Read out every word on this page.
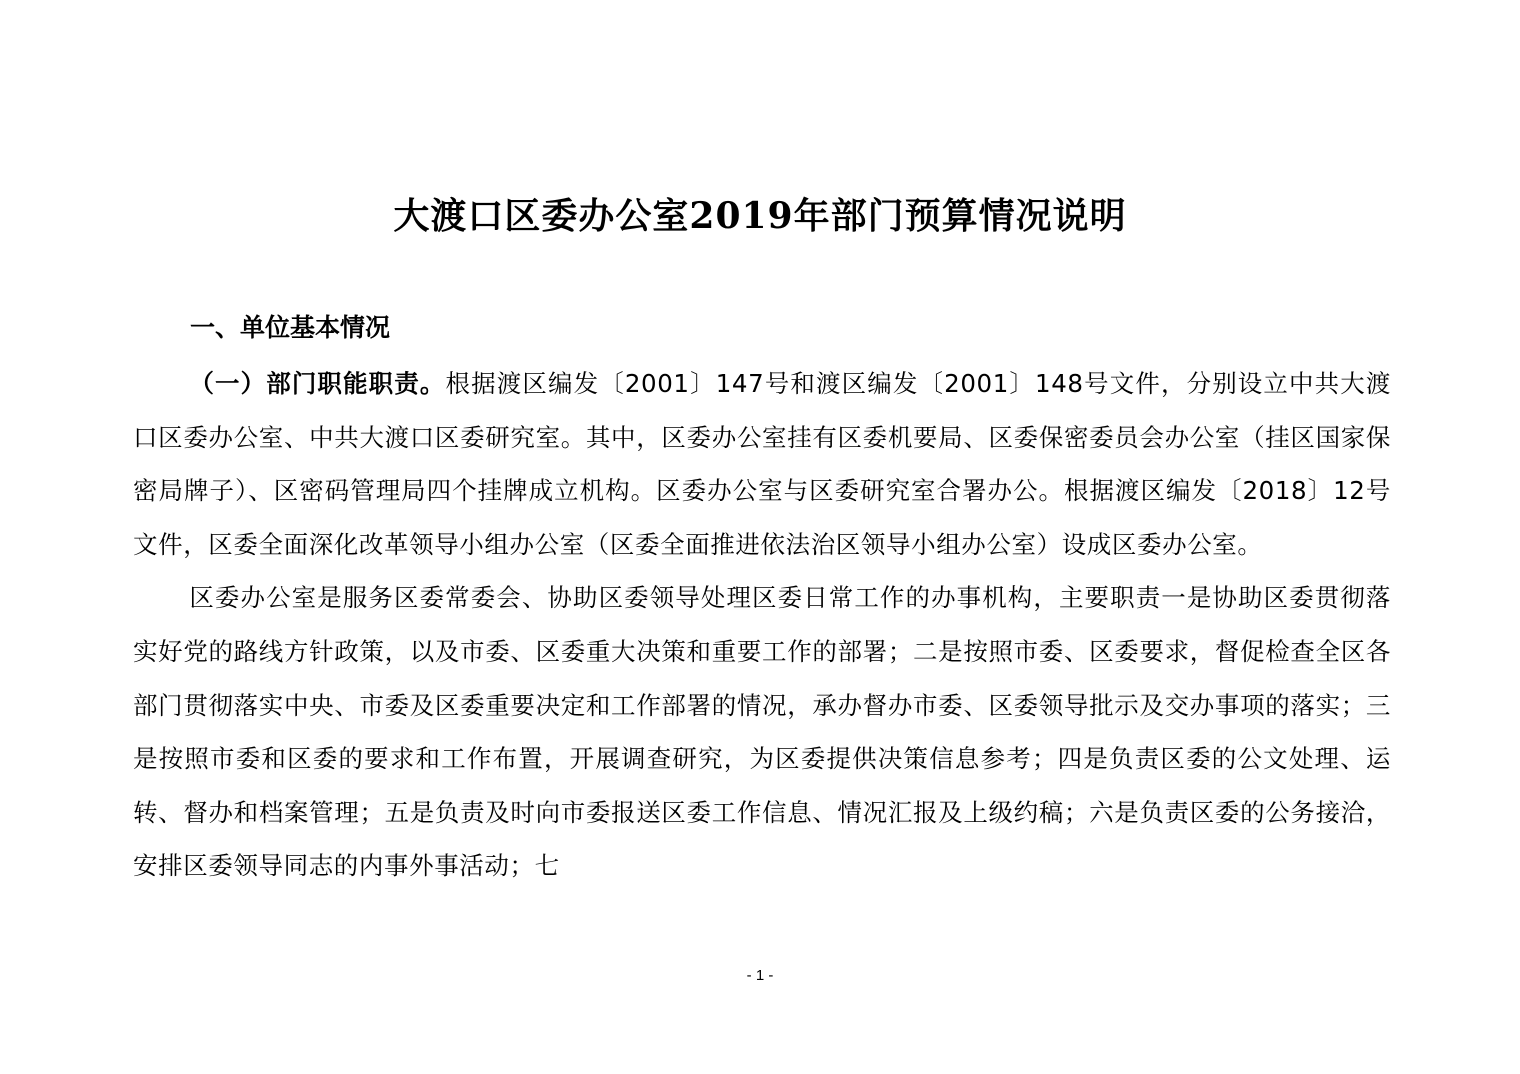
大渡口区委办公室2019年部门预算情况说明
一、单位基本情况

（一）部门职能职责。根据渡区编发〔2001〕147号和渡区编发〔2001〕148号文件，分别设立中共大渡口区委办公室、中共大渡口区委研究室。其中，区委办公室挂有区委机要局、区委保密委员会办公室（挂区国家保密局牌子）、区密码管理局四个挂牌成立机构。区委办公室与区委研究室合署办公。根据渡区编发〔2018〕12号文件，区委全面深化改革领导小组办公室（区委全面推进依法治区领导小组办公室）设成区委办公室。

区委办公室是服务区委常委会、协助区委领导处理区委日常工作的办事机构，主要职责一是协助区委贯彻落实好党的路线方针政策，以及市委、区委重大决策和重要工作的部署；二是按照市委、区委要求，督促检查全区各部门贯彻落实中央、市委及区委重要决定和工作部署的情况，承办督办市委、区委领导批示及交办事项的落实；三是按照市委和区委的要求和工作布置，开展调查研究，为区委提供决策信息参考；四是负责区委的公文处理、运转、督办和档案管理；五是负责及时向市委报送区委工作信息、情况汇报及上级约稿；六是负责区委的公务接洽，安排区委领导同志的内事外事活动；七

- 1 -
